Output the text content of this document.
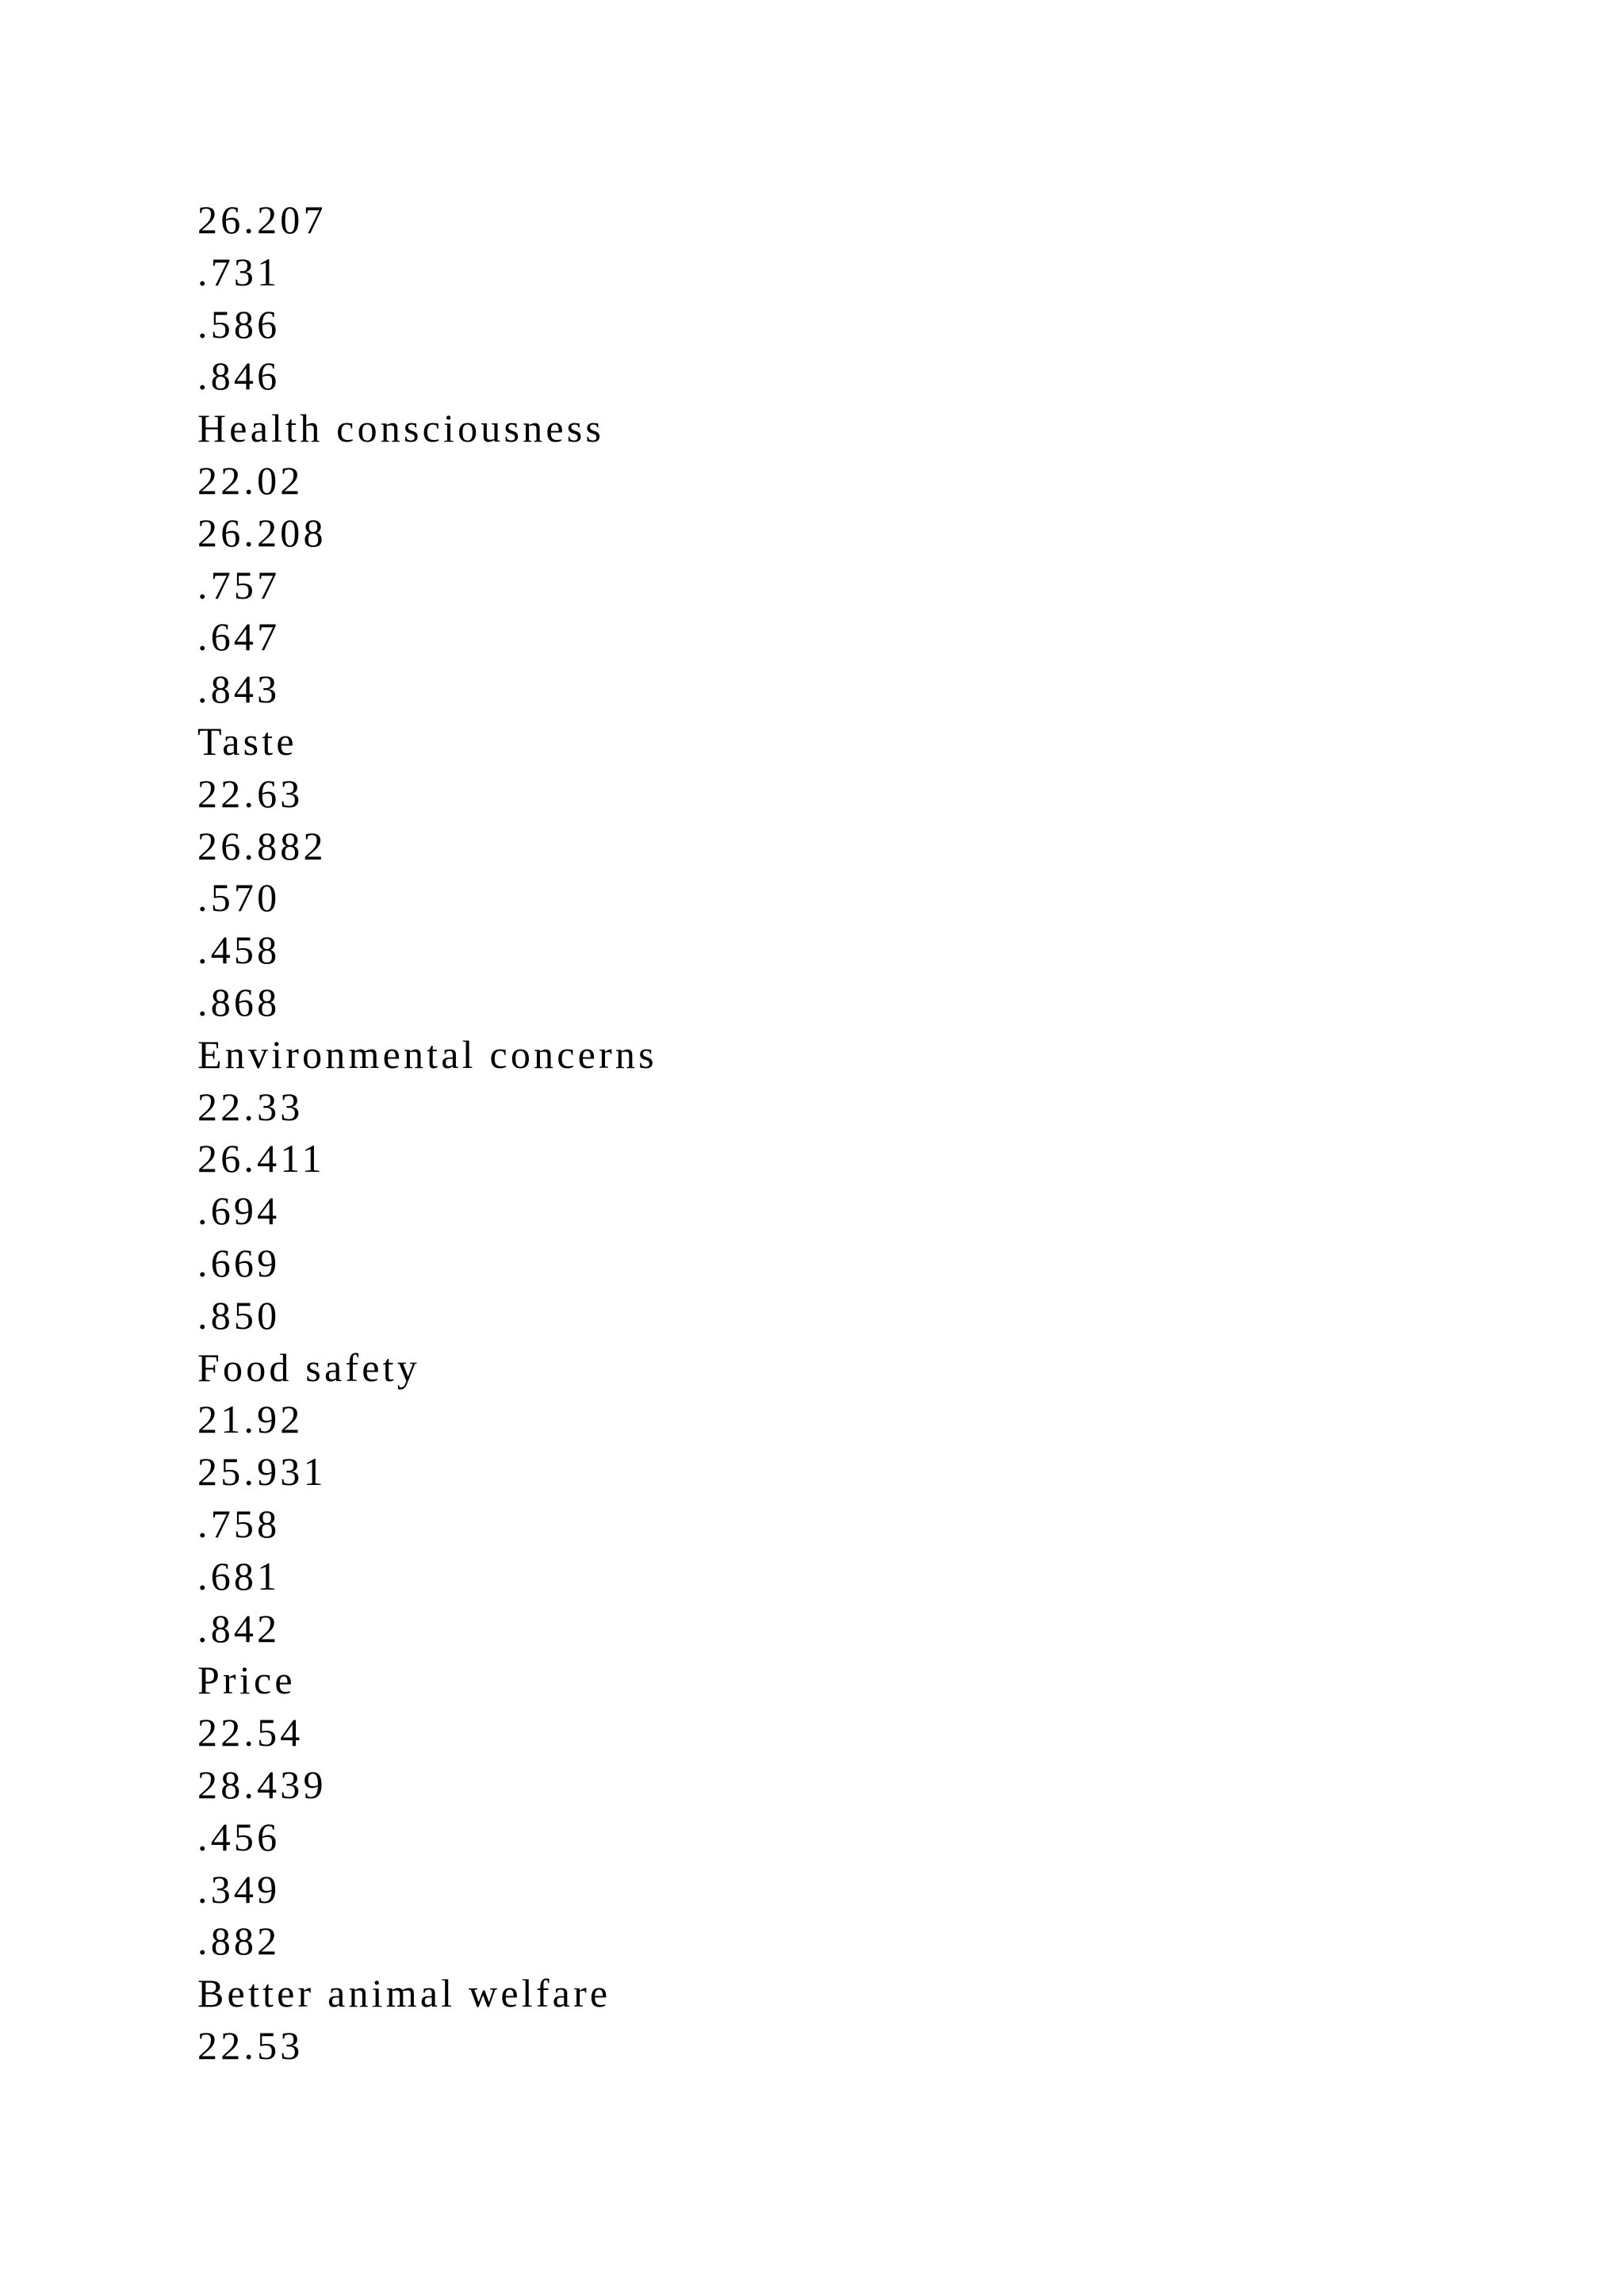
26.207
.731
.586
.846
Health consciousness
22.02
26.208
.757
.647
.843
Taste
22.63
26.882
.570
.458
.868
Environmental concerns
22.33
26.411
.694
.669
.850
Food safety
21.92
25.931
.758
.681
.842
Price
22.54
28.439
.456
.349
.882
Better animal welfare
22.53
